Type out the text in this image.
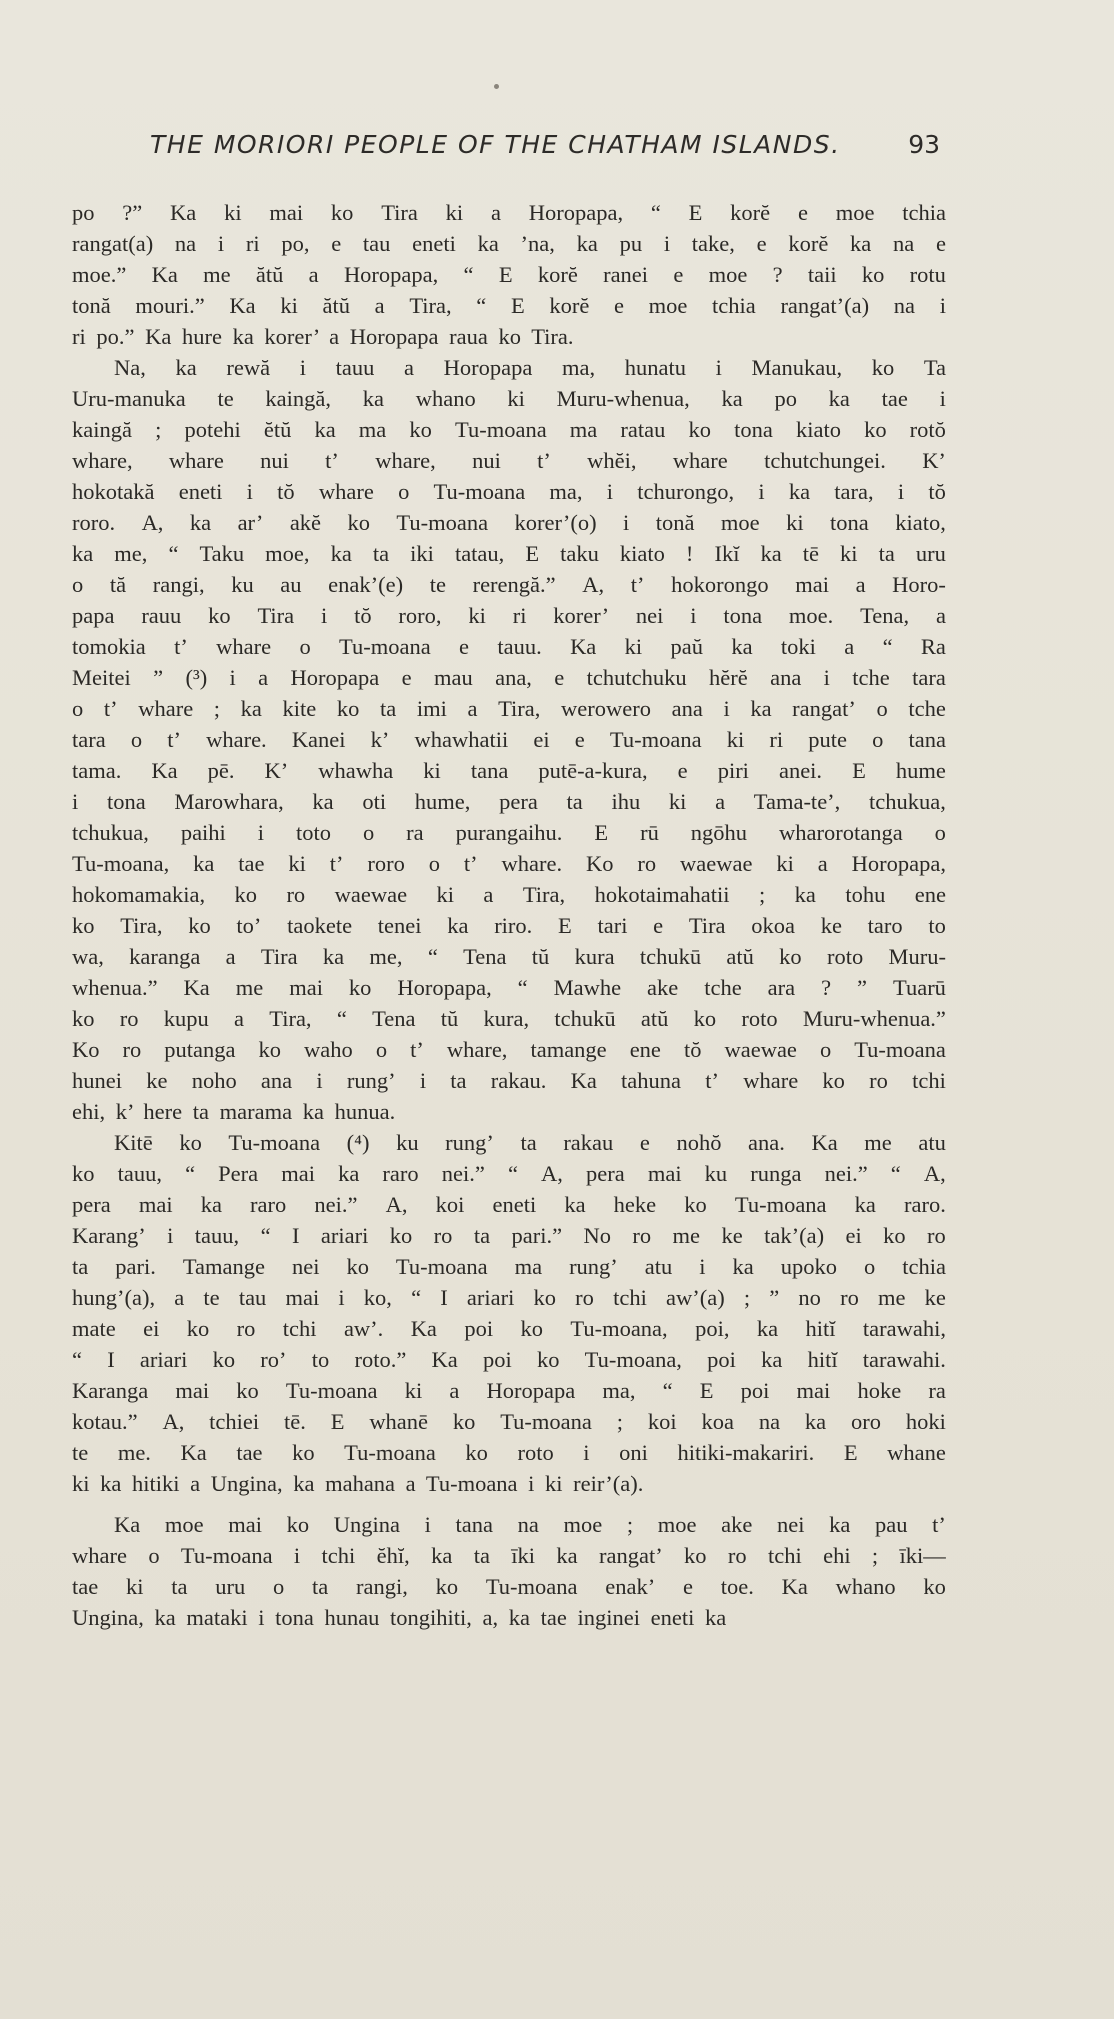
THE MORIORI PEOPLE OF THE CHATHAM ISLANDS.	93
po ?” Ka ki mai ko Tira ki a Horopapa, “ E korĕ e moe tchia
rangat(a) na i ri po, e tau eneti ka ’na, ka pu i take, e korĕ ka na e
moe.” Ka me ătŭ a Horopapa, “ E korĕ ranei e moe ? taii ko rotu
tonă mouri.” Ka ki ătŭ a Tira, “ E korĕ e moe tchia rangat’(a) na i
ri po.” Ka hure ka korer’ a Horopapa raua ko Tira.
Na, ka rewă i tauu a Horopapa ma, hunatu i Manukau, ko Ta
Uru-manuka te kaingă, ka whano ki Muru-whenua, ka po ka tae i
kaingă ; potehi ĕtŭ ka ma ko Tu-moana ma ratau ko tona kiato ko rotŏ
whare, whare nui t’ whare, nui t’ whĕi, whare tchutchungei. K’
hokotakă eneti i tŏ whare o Tu-moana ma, i tchurongo, i ka tara, i tŏ
roro. A, ka ar’ akĕ ko Tu-moana korer’(o) i tonă moe ki tona kiato,
ka me, “ Taku moe, ka ta iki tatau, E taku kiato ! Ikĭ ka tē ki ta uru
o tă rangi, ku au enak’(e) te rerengă.” A, t’ hokorongo mai a Horo-
papa rauu ko Tira i tŏ roro, ki ri korer’ nei i tona moe. Tena, a
tomokia t’ whare o Tu-moana e tauu. Ka ki paŭ ka toki a “ Ra
Meitei ” (³) i a Horopapa e mau ana, e tchutchuku hĕrĕ ana i tche tara
o t’ whare ; ka kite ko ta imi a Tira, werowero ana i ka rangat’ o tche
tara o t’ whare. Kanei k’ whawhatii ei e Tu-moana ki ri pute o tana
tama. Ka pē. K’ whawha ki tana putē-a-kura, e piri anei. E hume
i tona Marowhara, ka oti hume, pera ta ihu ki a Tama-te’, tchukua,
tchukua, paihi i toto o ra purangaihu. E rū ngōhu wharorotanga o
Tu-moana, ka tae ki t’ roro o t’ whare. Ko ro waewae ki a Horopapa,
hokomamakia, ko ro waewae ki a Tira, hokotaimahatii ; ka tohu ene
ko Tira, ko to’ taokete tenei ka riro. E tari e Tira okoa ke taro to
wa, karanga a Tira ka me, “ Tena tŭ kura tchukū atŭ ko roto Muru-
whenua.” Ka me mai ko Horopapa, “ Mawhe ake tche ara ? ” Tuarū
ko ro kupu a Tira, “ Tena tŭ kura, tchukū atŭ ko roto Muru-whenua.”
Ko ro putanga ko waho o t’ whare, tamange ene tŏ waewae o Tu-moana
hunei ke noho ana i rung’ i ta rakau. Ka tahuna t’ whare ko ro tchi
ehi, k’ here ta marama ka hunua.
Kitē ko Tu-moana (⁴) ku rung’ ta rakau e nohŏ ana. Ka me atu
ko tauu, “ Pera mai ka raro nei.” “ A, pera mai ku runga nei.” “ A,
pera mai ka raro nei.” A, koi eneti ka heke ko Tu-moana ka raro.
Karang’ i tauu, “ I ariari ko ro ta pari.” No ro me ke tak’(a) ei ko ro
ta pari. Tamange nei ko Tu-moana ma rung’ atu i ka upoko o tchia
hung’(a), a te tau mai i ko, “ I ariari ko ro tchi aw’(a) ; ” no ro me ke
mate ei ko ro tchi aw’. Ka poi ko Tu-moana, poi, ka hitĭ tarawahi,
“ I ariari ko ro’ to roto.” Ka poi ko Tu-moana, poi ka hitĭ tarawahi.
Karanga mai ko Tu-moana ki a Horopapa ma, “ E poi mai hoke ra
kotau.” A, tchiei tē. E whanē ko Tu-moana ; koi koa na ka oro hoki
te me. Ka tae ko Tu-moana ko roto i oni hitiki-makariri. E whane
ki ka hitiki a Ungina, ka mahana a Tu-moana i ki reir’(a).
Ka moe mai ko Ungina i tana na moe ; moe ake nei ka pau t’
whare o Tu-moana i tchi ĕhĭ, ka ta īki ka rangat’ ko ro tchi ehi ; īki—
tae ki ta uru o ta rangi, ko Tu-moana enak’ e toe. Ka whano ko
Ungina, ka mataki i tona hunau tongihiti, a, ka tae inginei eneti ka
